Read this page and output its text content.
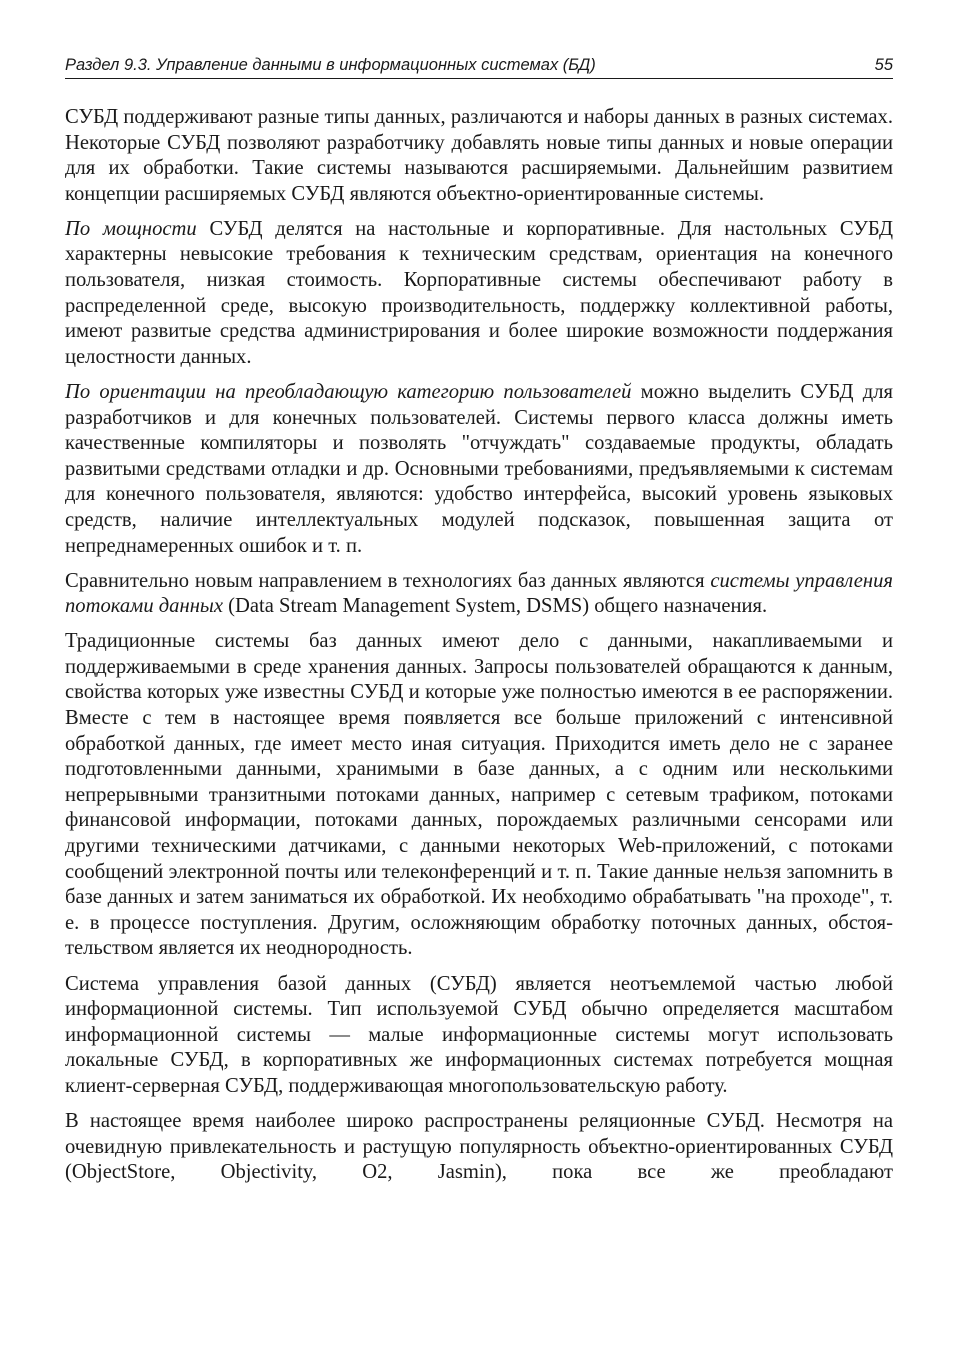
Раздел 9.3. Управление данными в информационных системах (БД)	55

СУБД поддерживают разные типы данных, различаются и наборы данных в разных системах. Некоторые СУБД позволяют разработчику добавлять новые типы данных и новые операции для их обработки. Такие системы называются расширяемыми. Дальнейшим развитием концепции расширяемых СУБД являются объектно-ориентированные системы.

По мощности СУБД делятся на настольные и корпоративные. Для настольных СУБД характерны невысокие требования к техническим средствам, ориентация на конечного пользователя, низкая стоимость. Корпоративные системы обеспечивают работу в распределенной среде, высокую производительность, поддержку коллективной работы, имеют развитые средства администрирования и более широкие возможности поддержания целостности данных.

По ориентации на преобладающую категорию пользователей можно выделить СУБД для разработчиков и для конечных пользователей. Системы первого класса должны иметь качественные компиляторы и позволять "отчуждать" создаваемые продукты, обладать развитыми средствами отладки и др. Основными требованиями, предъявляемыми к системам для конечного пользователя, являются: удобство интерфейса, высокий уровень языковых средств, наличие интеллектуальных модулей подсказок, повышенная защита от непреднамеренных ошибок и т. п.

Сравнительно новым направлением в технологиях баз данных являются системы управления потоками данных (Data Stream Management System, DSMS) общего назначения.

Традиционные системы баз данных имеют дело с данными, накапливаемыми и поддерживаемыми в среде хранения данных. Запросы пользователей обращаются к данным, свойства которых уже известны СУБД и которые уже полностью имеются в ее распоряжении. Вместе с тем в настоящее время появляется все больше приложений с интенсивной обработкой данных, где имеет место иная ситуация. Приходится иметь дело не с заранее подготовленными данными, хранимыми в базе данных, а с одним или несколькими непрерывными транзитными потоками данных, например с сетевым трафиком, потоками финансовой информации, потоками данных, порождаемых различными сенсорами или другими техническими датчиками, с данными некоторых Web-приложений, с потоками сообщений электронной почты или телеконференций и т. п. Такие данные нельзя запомнить в базе данных и затем заниматься их обработкой. Их необходимо обрабатывать "на проходе", т. е. в процессе поступления. Другим, осложняющим обработку поточных данных, обстоятельством является их неоднородность.

Система управления базой данных (СУБД) является неотъемлемой частью любой информационной системы. Тип используемой СУБД обычно определяется масштабом информационной системы — малые информационные системы могут использовать локальные СУБД, в корпоративных же информационных системах потребуется мощная клиент-серверная СУБД, поддерживающая многопользовательскую работу.

В настоящее время наиболее широко распространены реляционные СУБД. Несмотря на очевидную привлекательность и растущую популярность объектно-ориентированных СУБД (ObjectStore, Objectivity, O2, Jasmin), пока все же преобладают
